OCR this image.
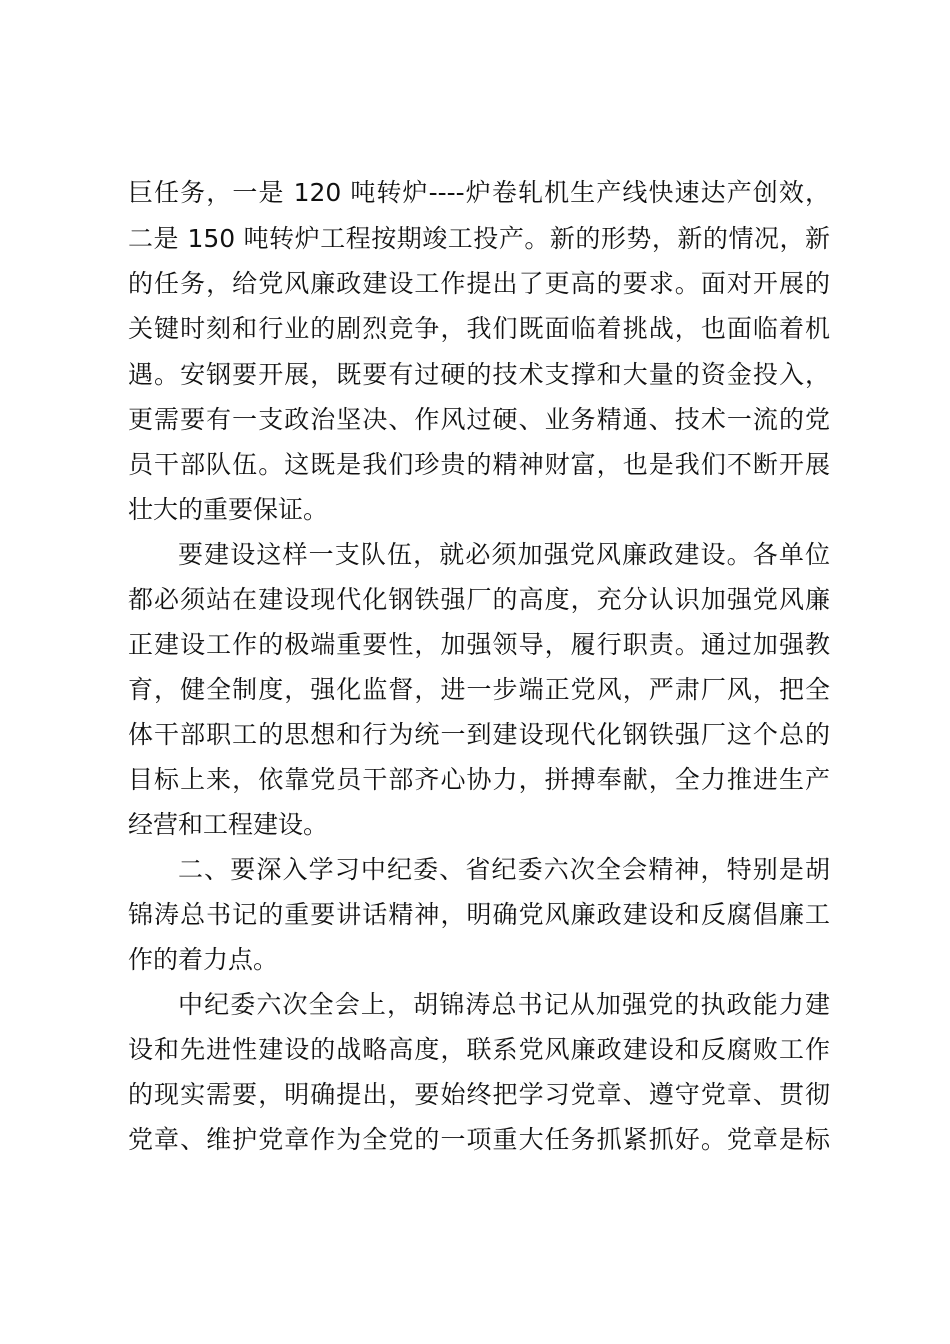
巨任务，一是 120 吨转炉----炉卷轧机生产线快速达产创效，
二是 150 吨转炉工程按期竣工投产。新的形势，新的情况，新
的任务，给党风廉政建设工作提出了更高的要求。面对开展的
关键时刻和行业的剧烈竞争，我们既面临着挑战，也面临着机
遇。安钢要开展，既要有过硬的技术支撑和大量的资金投入，
更需要有一支政治坚决、作风过硬、业务精通、技术一流的党
员干部队伍。这既是我们珍贵的精神财富，也是我们不断开展
壮大的重要保证。
要建设这样一支队伍，就必须加强党风廉政建设。各单位
都必须站在建设现代化钢铁强厂的高度，充分认识加强党风廉
正建设工作的极端重要性，加强领导，履行职责。通过加强教
育，健全制度，强化监督，进一步端正党风，严肃厂风，把全
体干部职工的思想和行为统一到建设现代化钢铁强厂这个总的
目标上来，依靠党员干部齐心协力，拼搏奉献，全力推进生产
经营和工程建设。
二、要深入学习中纪委、省纪委六次全会精神，特别是胡
锦涛总书记的重要讲话精神，明确党风廉政建设和反腐倡廉工
作的着力点。
中纪委六次全会上，胡锦涛总书记从加强党的执政能力建
设和先进性建设的战略高度，联系党风廉政建设和反腐败工作
的现实需要，明确提出，要始终把学习党章、遵守党章、贯彻
党章、维护党章作为全党的一项重大任务抓紧抓好。党章是标
